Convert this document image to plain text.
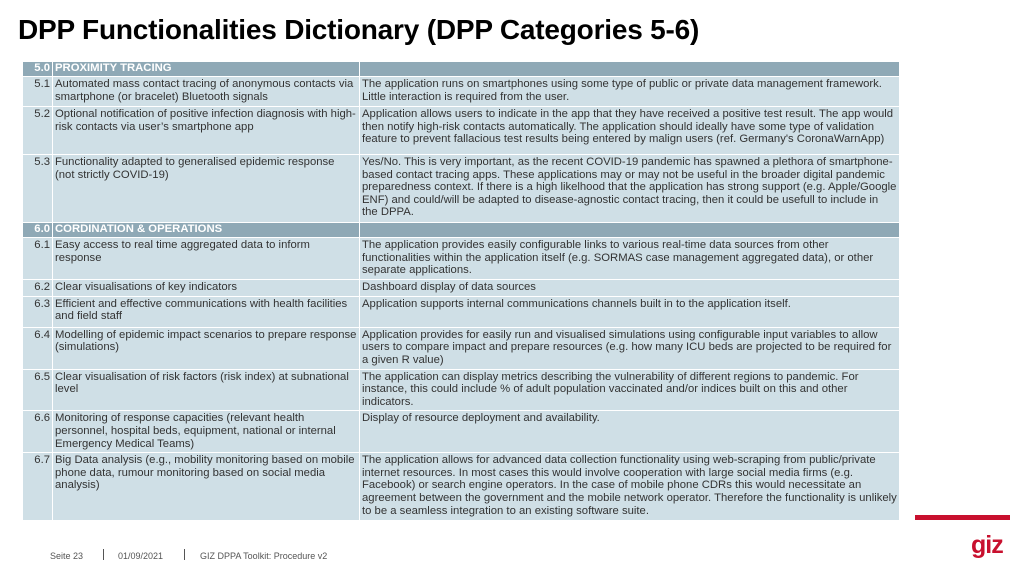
DPP Functionalities Dictionary (DPP Categories 5-6)
5.0	PROXIMITY TRACING	
5.1	Automated mass contact tracing of anonymous contacts via smartphone (or bracelet) Bluetooth signals	The application runs on smartphones using some type of public or private data management framework. Little interaction is required from the user.
5.2	Optional notification of positive infection diagnosis with high-risk contacts via user’s smartphone app	Application allows users to indicate in the app that they have received a positive test result. The app would then notify high-risk contacts automatically. The application should ideally have some type of validation feature to prevent fallacious test results being entered by malign users (ref. Germany's CoronaWarnApp)
5.3	Functionality adapted to generalised epidemic response (not strictly COVID-19)	Yes/No. This is very important, as the recent COVID-19 pandemic has spawned a plethora of smartphone-based contact tracing apps. These applications may or may not be useful in the broader digital pandemic preparedness context. If there is a high likelhood that the application has strong support (e.g. Apple/Google ENF) and could/will be adapted to disease-agnostic contact tracing, then it could be usefull to include in the DPPA.
6.0	CORDINATION & OPERATIONS	
6.1	Easy access to real time aggregated data to inform response	The application provides easily configurable links to various real-time data sources from other functionalities within the application itself (e.g. SORMAS case management aggregated data), or other separate applications.
6.2	Clear visualisations of key indicators	Dashboard display of data sources
6.3	Efficient and effective communications with health facilities and field staff	Application supports internal communications channels built in to the application itself.
6.4	Modelling of epidemic impact scenarios to prepare response (simulations)	Application provides for easily run and visualised simulations using configurable input variables to allow users to compare impact and prepare resources (e.g. how many ICU beds are projected to be required for a given R value)
6.5	Clear visualisation of risk factors (risk index) at subnational level	The application can display metrics describing the vulnerability of different regions to pandemic. For instance, this could include % of adult population vaccinated and/or indices built on this and other indicators.
6.6	Monitoring of response capacities (relevant health personnel, hospital beds, equipment, national or internal Emergency Medical Teams)	Display of resource deployment and availability.
6.7	Big Data analysis (e.g., mobility monitoring based on mobile phone data, rumour monitoring based on social media analysis)	The application allows for advanced data collection functionality using web-scraping from public/private internet resources. In most cases this would involve cooperation with large social media firms (e.g. Facebook) or search engine operators. In the case of mobile phone CDRs this would necessitate an agreement between the government and the mobile network operator. Therefore the functionality is unlikely to be a seamless integration to an existing software suite.
giz
Seite 23	01/09/2021	GIZ DPPA Toolkit: Procedure v2
